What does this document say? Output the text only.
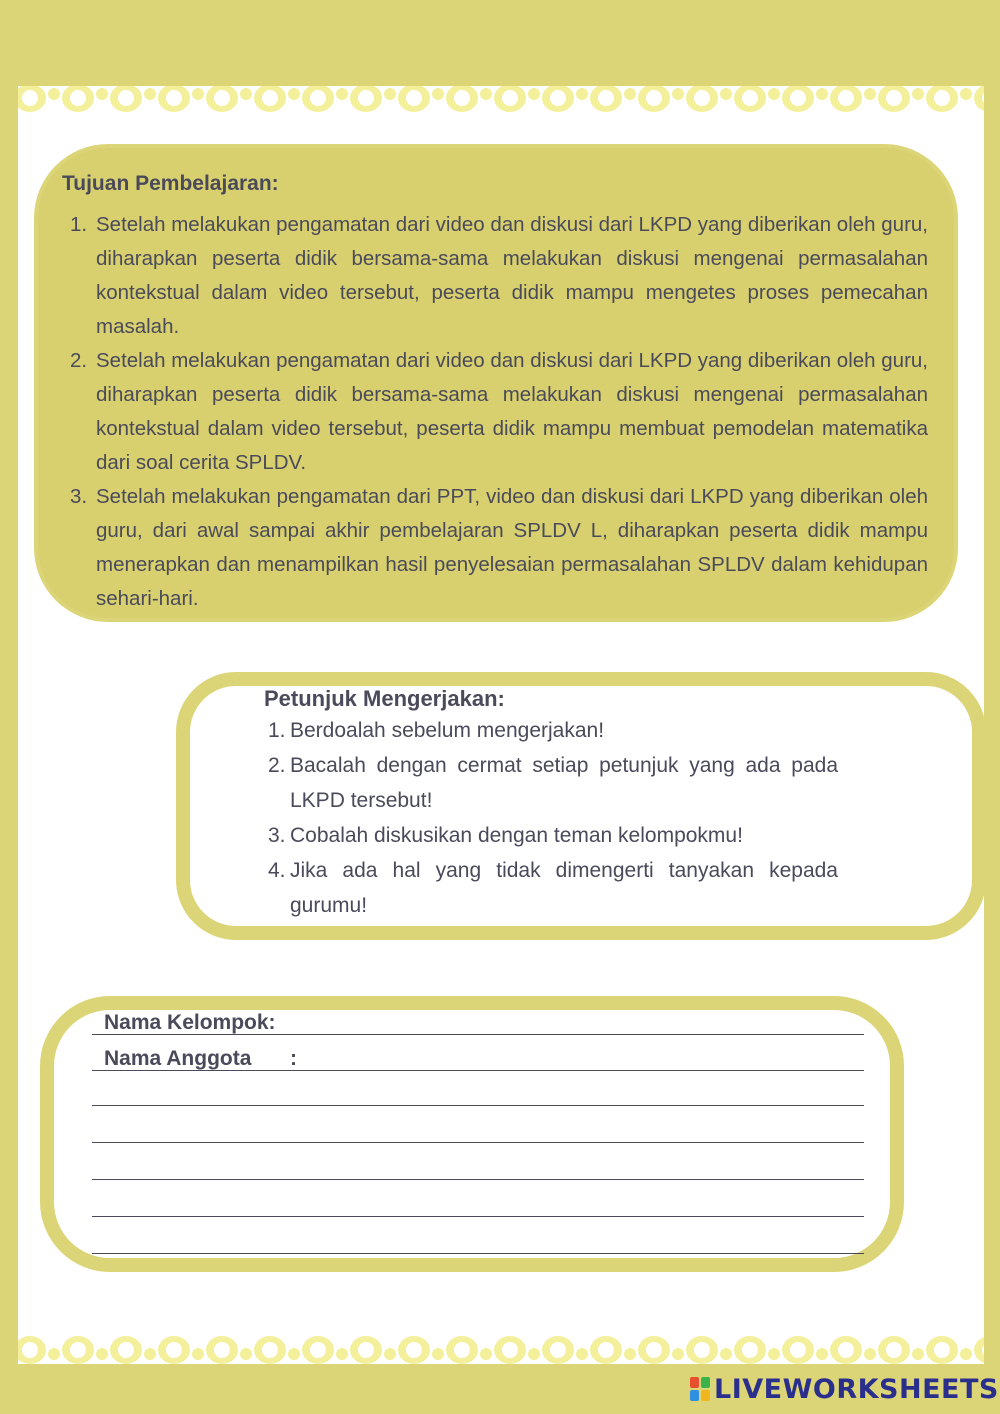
Tujuan Pembelajaran:
1. Setelah melakukan pengamatan dari video dan diskusi dari LKPD yang diberikan oleh guru, diharapkan peserta didik bersama-sama melakukan diskusi mengenai permasalahan kontekstual dalam video tersebut, peserta didik mampu mengetes proses pemecahan masalah.
2. Setelah melakukan pengamatan dari video dan diskusi dari LKPD yang diberikan oleh guru, diharapkan peserta didik bersama-sama melakukan diskusi mengenai permasalahan kontekstual dalam video tersebut, peserta didik mampu membuat pemodelan matematika dari soal cerita SPLDV.
3. Setelah melakukan pengamatan dari PPT, video dan diskusi dari LKPD yang diberikan oleh guru, dari awal sampai akhir pembelajaran SPLDV L, diharapkan peserta didik mampu menerapkan dan menampilkan hasil penyelesaian permasalahan SPLDV dalam kehidupan sehari-hari.
Petunjuk Mengerjakan:
1. Berdoalah sebelum mengerjakan!
2. Bacalah dengan cermat setiap petunjuk yang ada pada LKPD tersebut!
3. Cobalah diskusikan dengan teman kelompokmu!
4. Jika ada hal yang tidak dimengerti tanyakan kepada gurumu!
Nama Kelompok:
Nama Anggota :
LIVEWORKSHEETS
